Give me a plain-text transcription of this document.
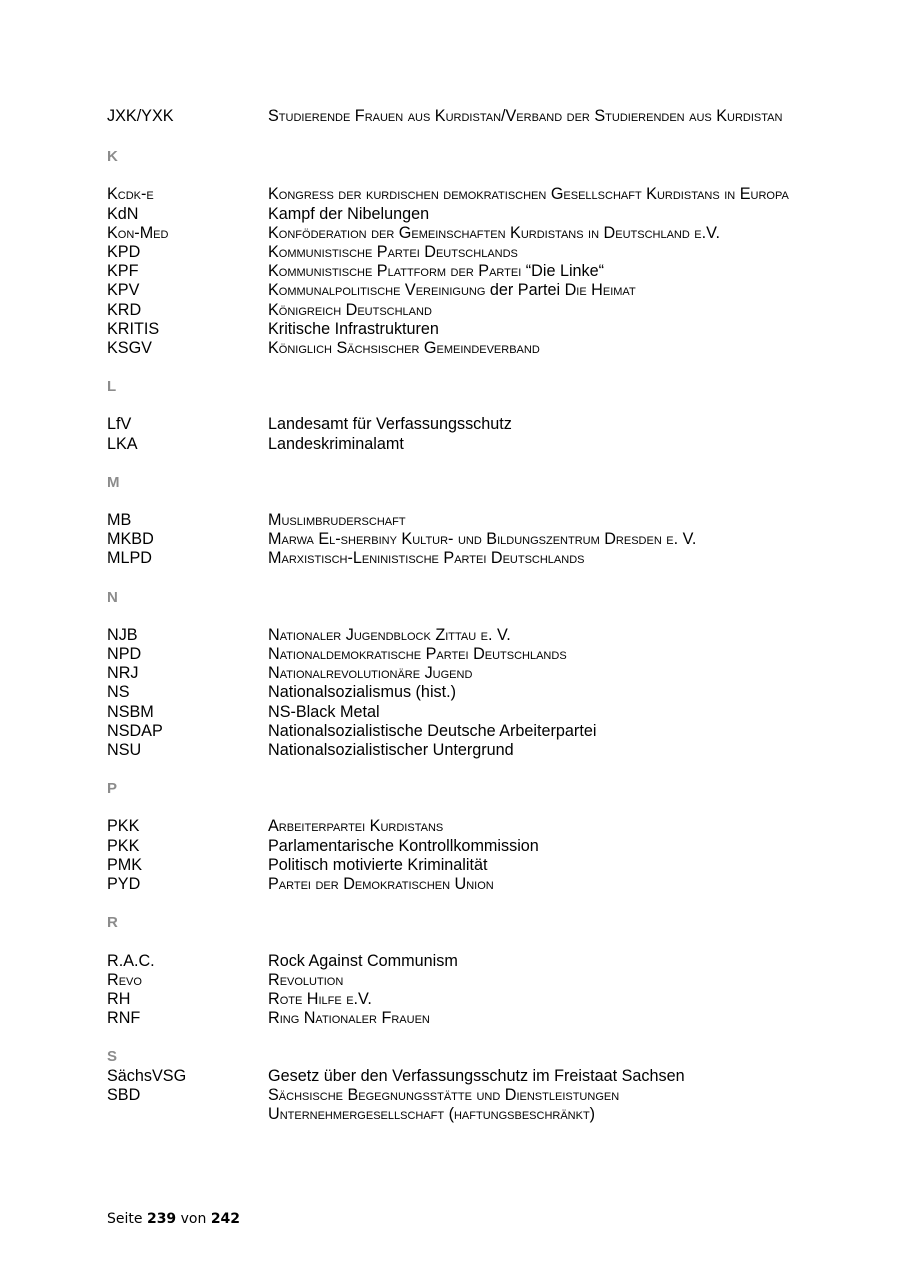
JXK/YXK	Studierende Frauen aus Kurdistan/Verband der Studierenden aus Kurdistan
K
Kcdk-e	Kongress der kurdischen demokratischen Gesellschaft Kurdistans in Europa
KdN	Kampf der Nibelungen
Kon-Med	Konföderation der Gemeinschaften Kurdistans in Deutschland e.V.
KPD	Kommunistische Partei Deutschlands
KPF	Kommunistische Plattform der Partei “Die Linke“
KPV	Kommunalpolitische Vereinigung der Partei Die Heimat
KRD	Königreich Deutschland
KRITIS	Kritische Infrastrukturen
KSGV	Königlich Sächsischer Gemeindeverband
L
LfV	Landesamt für Verfassungsschutz
LKA	Landeskriminalamt
M
MB	Muslimbruderschaft
MKBD	Marwa El-sherbiny Kultur- und Bildungszentrum Dresden e. V.
MLPD	Marxistisch-Leninistische Partei Deutschlands
N
NJB	Nationaler Jugendblock Zittau e. V.
NPD	Nationaldemokratische Partei Deutschlands
NRJ	Nationalrevolutionäre Jugend
NS	Nationalsozialismus (hist.)
NSBM	NS-Black Metal
NSDAP	Nationalsozialistische Deutsche Arbeiterpartei
NSU	Nationalsozialistischer Untergrund
P
PKK	Arbeiterpartei Kurdistans
PKK	Parlamentarische Kontrollkommission
PMK	Politisch motivierte Kriminalität
PYD	Partei der Demokratischen Union
R
R.A.C.	Rock Against Communism
Revo	Revolution
RH	Rote Hilfe e.V.
RNF	Ring Nationaler Frauen
S
SächsVSG	Gesetz über den Verfassungsschutz im Freistaat Sachsen
SBD	Sächsische Begegnungsstätte und Dienstleistungen Unternehmergesellschaft (haftungsbeschränkt)
Seite 239 von 242
